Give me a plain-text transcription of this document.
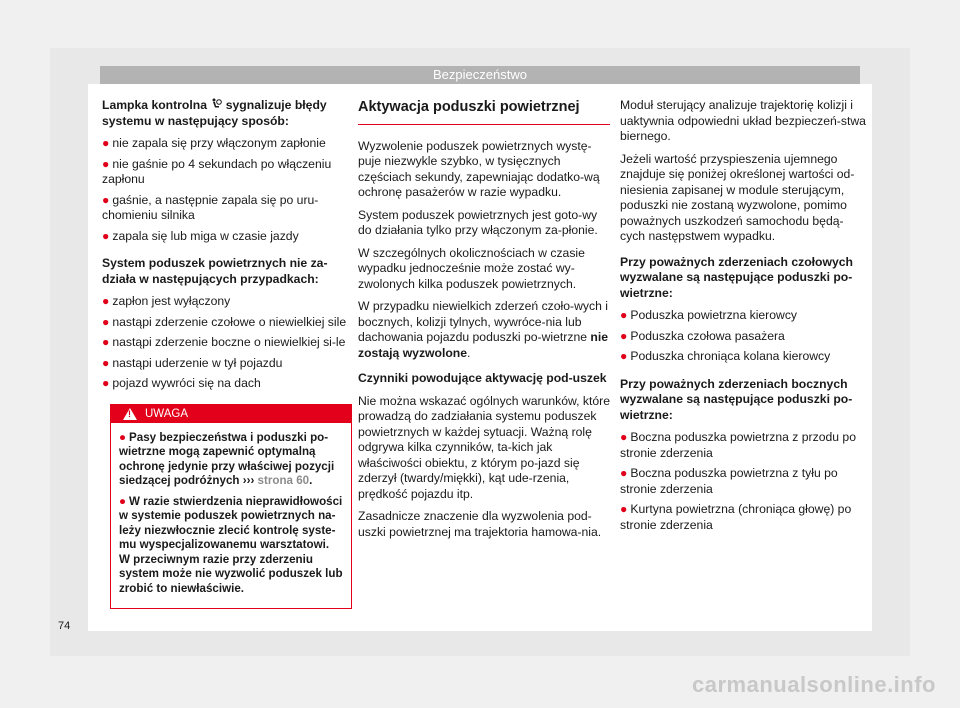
Bezpieczeństwo

Lampka kontrolna sygnalizuje błędy systemu w następujący sposób:

● nie zapala się przy włączonym zapłonie
● nie gaśnie po 4 sekundach po włączeniu zapłonu
● gaśnie, a następnie zapala się po uru-chomieniu silnika
● zapala się lub miga w czasie jazdy

System poduszek powietrznych nie za-działa w następujących przypadkach:

● zapłon jest wyłączony
● nastąpi zderzenie czołowe o niewielkiej sile
● nastąpi zderzenie boczne o niewielkiej si-le
● nastąpi uderzenie w tył pojazdu
● pojazd wywróci się na dach
!
UWAGA
● Pasy bezpieczeństwa i poduszki po-wietrzne mogą zapewnić optymalną ochronę jedynie przy właściwej pozycji siedzącej podróżnych ››› strona 60.
● W razie stwierdzenia nieprawidłowości w systemie poduszek powietrznych na-leży niezwłocznie zlecić kontrolę syste-mu wyspecjalizowanemu warsztatowi. W przeciwnym razie przy zderzeniu system może nie wyzwolić poduszek lub zrobić to niewłaściwie.
Aktywacja poduszki powietrznej

Wyzwolenie poduszek powietrznych wystę-puje niezwykle szybko, w tysięcznych częściach sekundy, zapewniając dodatko-wą ochronę pasażerów w razie wypadku.

System poduszek powietrznych jest goto-wy do działania tylko przy włączonym za-płonie.

W szczególnych okolicznościach w czasie wypadku jednocześnie może zostać wy-zwolonych kilka poduszek powietrznych.

W przypadku niewielkich zderzeń czoło-wych i bocznych, kolizji tylnych, wywróce-nia lub dachowania pojazdu poduszki po-wietrzne nie zostają wyzwolone.

Czynniki powodujące aktywację pod-uszek

Nie można wskazać ogólnych warunków, które prowadzą do zadziałania systemu poduszek powietrznych w każdej sytuacji. Ważną rolę odgrywa kilka czynników, ta-kich jak właściwości obiektu, z którym po-jazd się zderzył (twardy/miękki), kąt ude-rzenia, prędkość pojazdu itp.

Zasadnicze znaczenie dla wyzwolenia pod-uszki powietrznej ma trajektoria hamowa-nia.

Moduł sterujący analizuje trajektorię kolizji i uaktywnia odpowiedni układ bezpieczeń-stwa biernego.

Jeżeli wartość przyspieszenia ujemnego znajduje się poniżej określonej wartości od-niesienia zapisanej w module sterującym, poduszki nie zostaną wyzwolone, pomimo poważnych uszkodzeń samochodu będą-cych następstwem wypadku.

Przy poważnych zderzeniach czołowych wyzwalane są następujące poduszki po-wietrzne:

● Poduszka powietrzna kierowcy
● Poduszka czołowa pasażera
● Poduszka chroniąca kolana kierowcy

Przy poważnych zderzeniach bocznych wyzwalane są następujące poduszki po-wietrzne:

● Boczna poduszka powietrzna z przodu po stronie zderzenia
● Boczna poduszka powietrzna z tyłu po stronie zderzenia
● Kurtyna powietrzna (chroniąca głowę) po stronie zderzenia
74
carmanualsonline.info
